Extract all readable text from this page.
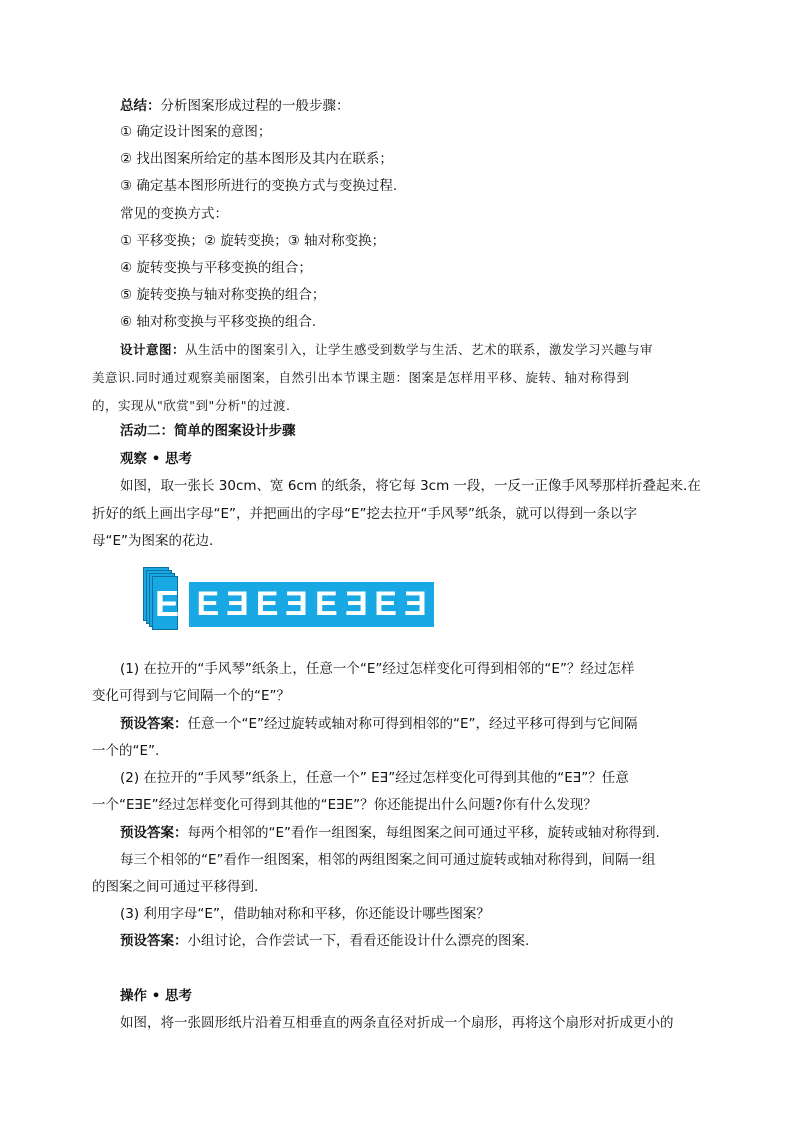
总结：分析图案形成过程的一般步骤：
① 确定设计图案的意图；
② 找出图案所给定的基本图形及其内在联系；
③ 确定基本图形所进行的变换方式与变换过程.
常见的变换方式：
① 平移变换；② 旋转变换；③ 轴对称变换；
④ 旋转变换与平移变换的组合；
⑤ 旋转变换与轴对称变换的组合；
⑥ 轴对称变换与平移变换的组合.
设计意图：从生活中的图案引入，让学生感受到数学与生活、艺术的联系，激发学习兴趣与审
美意识.同时通过观察美丽图案，自然引出本节课主题：图案是怎样用平移、旋转、轴对称得到
的，实现从"欣赏"到"分析"的过渡.
活动二：简单的图案设计步骤
观察 • 思考
如图，取一张长 30cm、宽 6cm 的纸条，将它每 3cm 一段，一反一正像手风琴那样折叠起来.在
折好的纸上画出字母“E”，并把画出的字母“E”挖去拉开“手风琴”纸条，就可以得到一条以字
母“E”为图案的花边.
E E E E E E E E E
(1) 在拉开的“手风琴”纸条上，任意一个“E”经过怎样变化可得到相邻的“E”？经过怎样
变化可得到与它间隔一个的“E”？
预设答案：任意一个“E”经过旋转或轴对称可得到相邻的“E”，经过平移可得到与它间隔
一个的“E”.
(2) 在拉开的“手风琴”纸条上，任意一个” EƎ”经过怎样变化可得到其他的“EƎ”？任意
一个“EƎE”经过怎样变化可得到其他的“EƎE”？你还能提出什么问题?你有什么发现？
预设答案：每两个相邻的“E”看作一组图案，每组图案之间可通过平移，旋转或轴对称得到.
每三个相邻的“E”看作一组图案，相邻的两组图案之间可通过旋转或轴对称得到，间隔一组
的图案之间可通过平移得到.
(3) 利用字母“E”，借助轴对称和平移，你还能设计哪些图案？
预设答案：小组讨论，合作尝试一下，看看还能设计什么漂亮的图案.
操作 • 思考
如图，将一张圆形纸片沿着互相垂直的两条直径对折成一个扇形，再将这个扇形对折成更小的
